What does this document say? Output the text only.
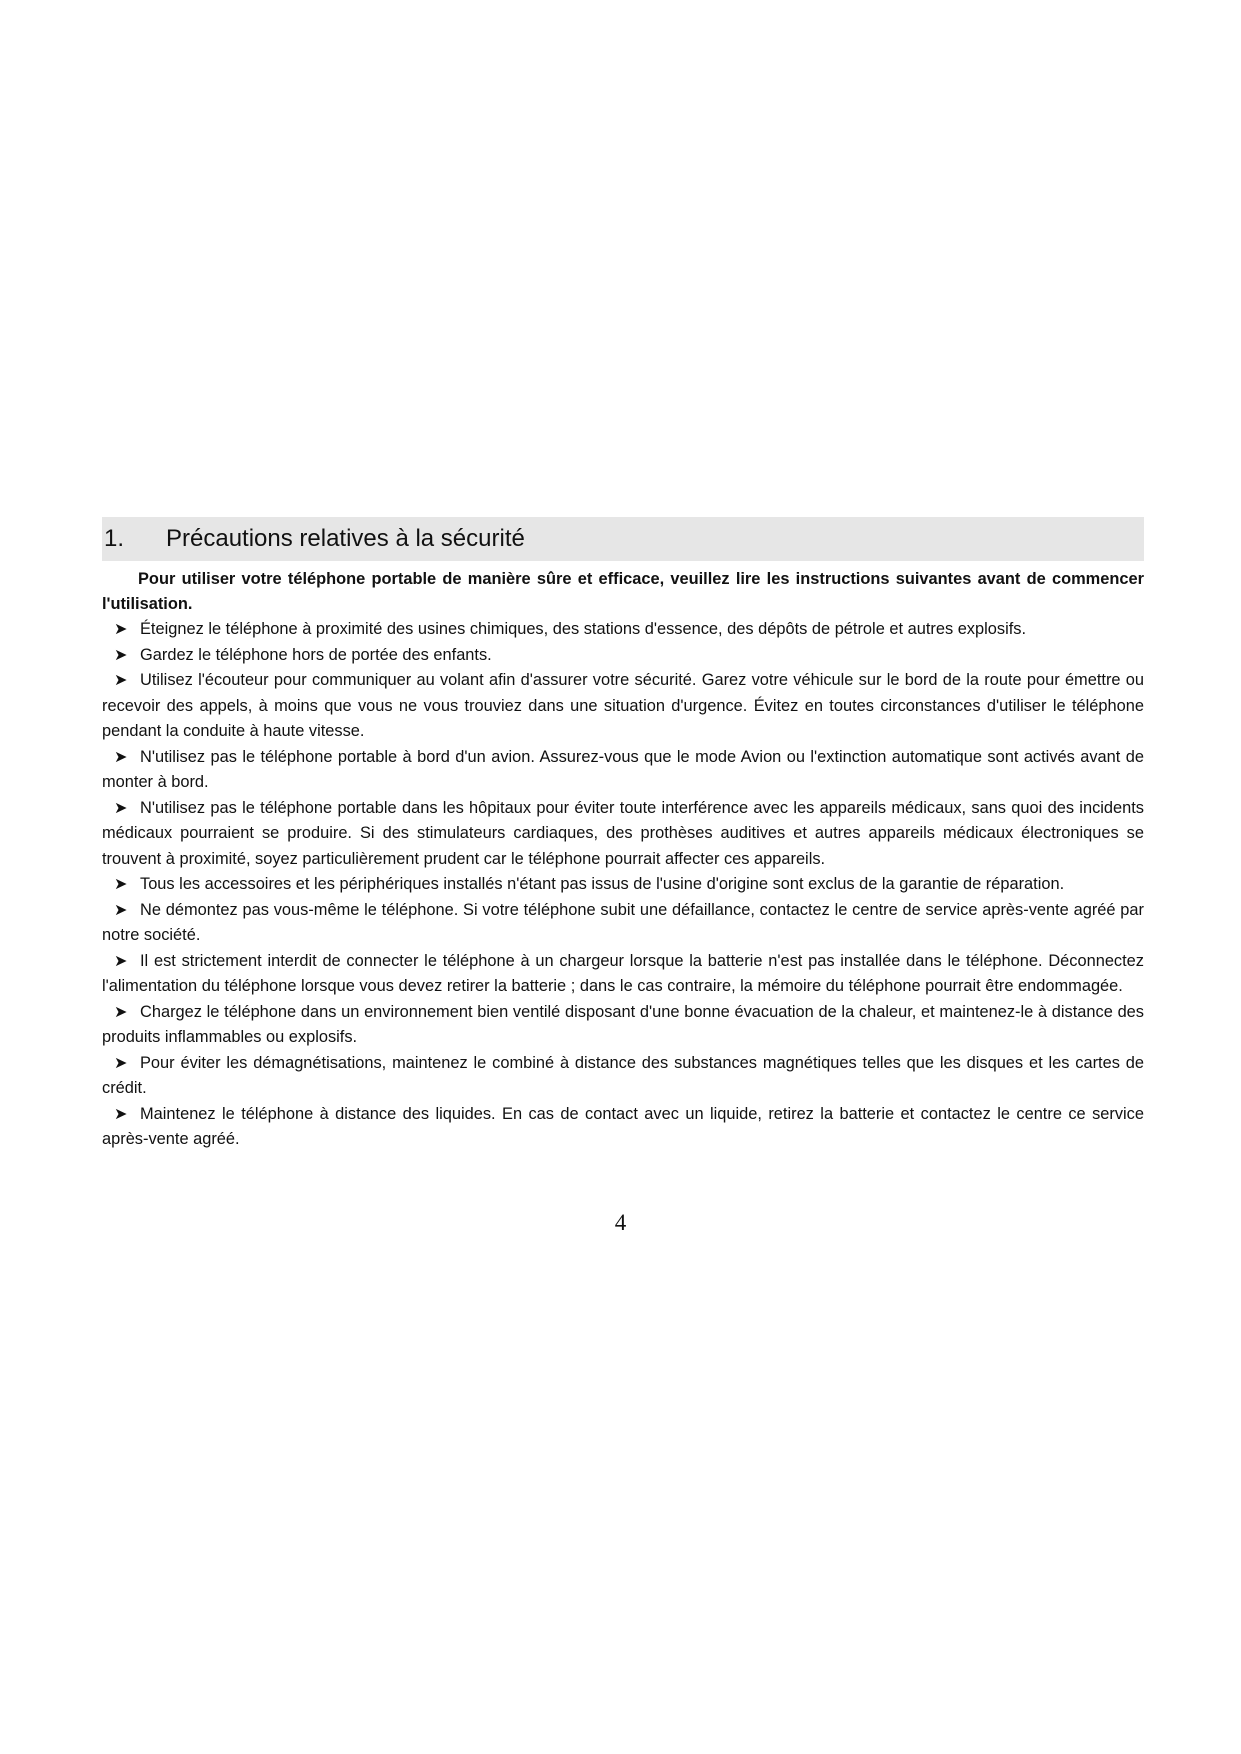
1.	Précautions relatives à la sécurité

Pour utiliser votre téléphone portable de manière sûre et efficace, veuillez lire les instructions suivantes avant de commencer l'utilisation.

➤ Éteignez le téléphone à proximité des usines chimiques, des stations d'essence, des dépôts de pétrole et autres explosifs.

➤ Gardez le téléphone hors de portée des enfants.

➤ Utilisez l'écouteur pour communiquer au volant afin d'assurer votre sécurité. Garez votre véhicule sur le bord de la route pour émettre ou recevoir des appels, à moins que vous ne vous trouviez dans une situation d'urgence. Évitez en toutes circonstances d'utiliser le téléphone pendant la conduite à haute vitesse.

➤ N'utilisez pas le téléphone portable à bord d'un avion. Assurez-vous que le mode Avion ou l'extinction automatique sont activés avant de monter à bord.

➤ N'utilisez pas le téléphone portable dans les hôpitaux pour éviter toute interférence avec les appareils médicaux, sans quoi des incidents médicaux pourraient se produire. Si des stimulateurs cardiaques, des prothèses auditives et autres appareils médicaux électroniques se trouvent à proximité, soyez particulièrement prudent car le téléphone pourrait affecter ces appareils.

➤ Tous les accessoires et les périphériques installés n'étant pas issus de l'usine d'origine sont exclus de la garantie de réparation.

➤ Ne démontez pas vous-même le téléphone. Si votre téléphone subit une défaillance, contactez le centre de service après-vente agréé par notre société.

➤ Il est strictement interdit de connecter le téléphone à un chargeur lorsque la batterie n'est pas installée dans le téléphone. Déconnectez l'alimentation du téléphone lorsque vous devez retirer la batterie ; dans le cas contraire, la mémoire du téléphone pourrait être endommagée.

➤ Chargez le téléphone dans un environnement bien ventilé disposant d'une bonne évacuation de la chaleur, et maintenez-le à distance des produits inflammables ou explosifs.

➤ Pour éviter les démagnétisations, maintenez le combiné à distance des substances magnétiques telles que les disques et les cartes de crédit.

➤ Maintenez le téléphone à distance des liquides. En cas de contact avec un liquide, retirez la batterie et contactez le centre ce service après-vente agréé.

4
